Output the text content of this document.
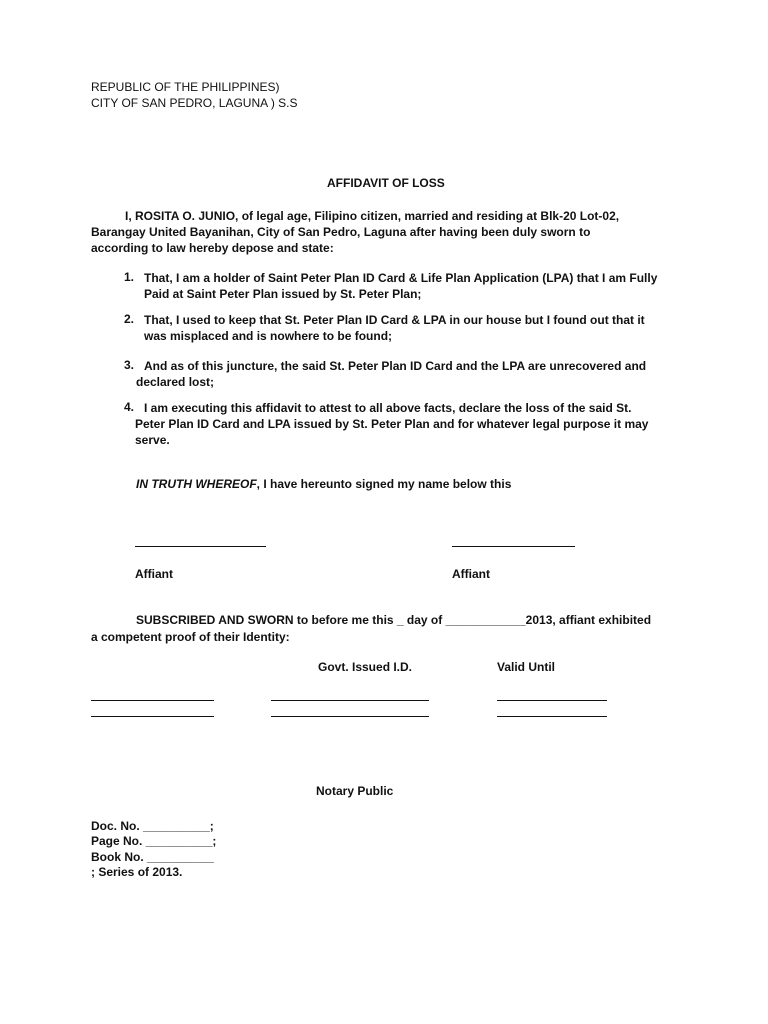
REPUBLIC OF THE PHILIPPINES)
CITY OF SAN PEDRO, LAGUNA ) S.S
AFFIDAVIT OF LOSS
I, ROSITA O. JUNIO, of legal age, Filipino citizen, married and residing at Blk-20 Lot-02,
Barangay United Bayanihan, City of San Pedro, Laguna after having been duly sworn to
according to law hereby depose and state:
1. That, I am a holder of Saint Peter Plan ID Card & Life Plan Application (LPA) that I am Fully
Paid at Saint Peter Plan issued by St. Peter Plan;
2. That, I used to keep that St. Peter Plan ID Card & LPA in our house but I found out that it
was misplaced and is nowhere to be found;
3. And as of this juncture, the said St. Peter Plan ID Card and the LPA are unrecovered and
declared lost;
4. I am executing this affidavit to attest to all above facts, declare the loss of the said St.
Peter Plan ID Card and LPA issued by St. Peter Plan and for whatever legal purpose it may
serve.
IN TRUTH WHEREOF, I have hereunto signed my name below this
Affiant	Affiant
SUBSCRIBED AND SWORN to before me this _ day of ____________2013, affiant exhibited
a competent proof of their Identity:
Govt. Issued I.D.	Valid Until
Notary Public
Doc. No. __________;
Page No. __________;
Book No. __________
; Series of 2013.
